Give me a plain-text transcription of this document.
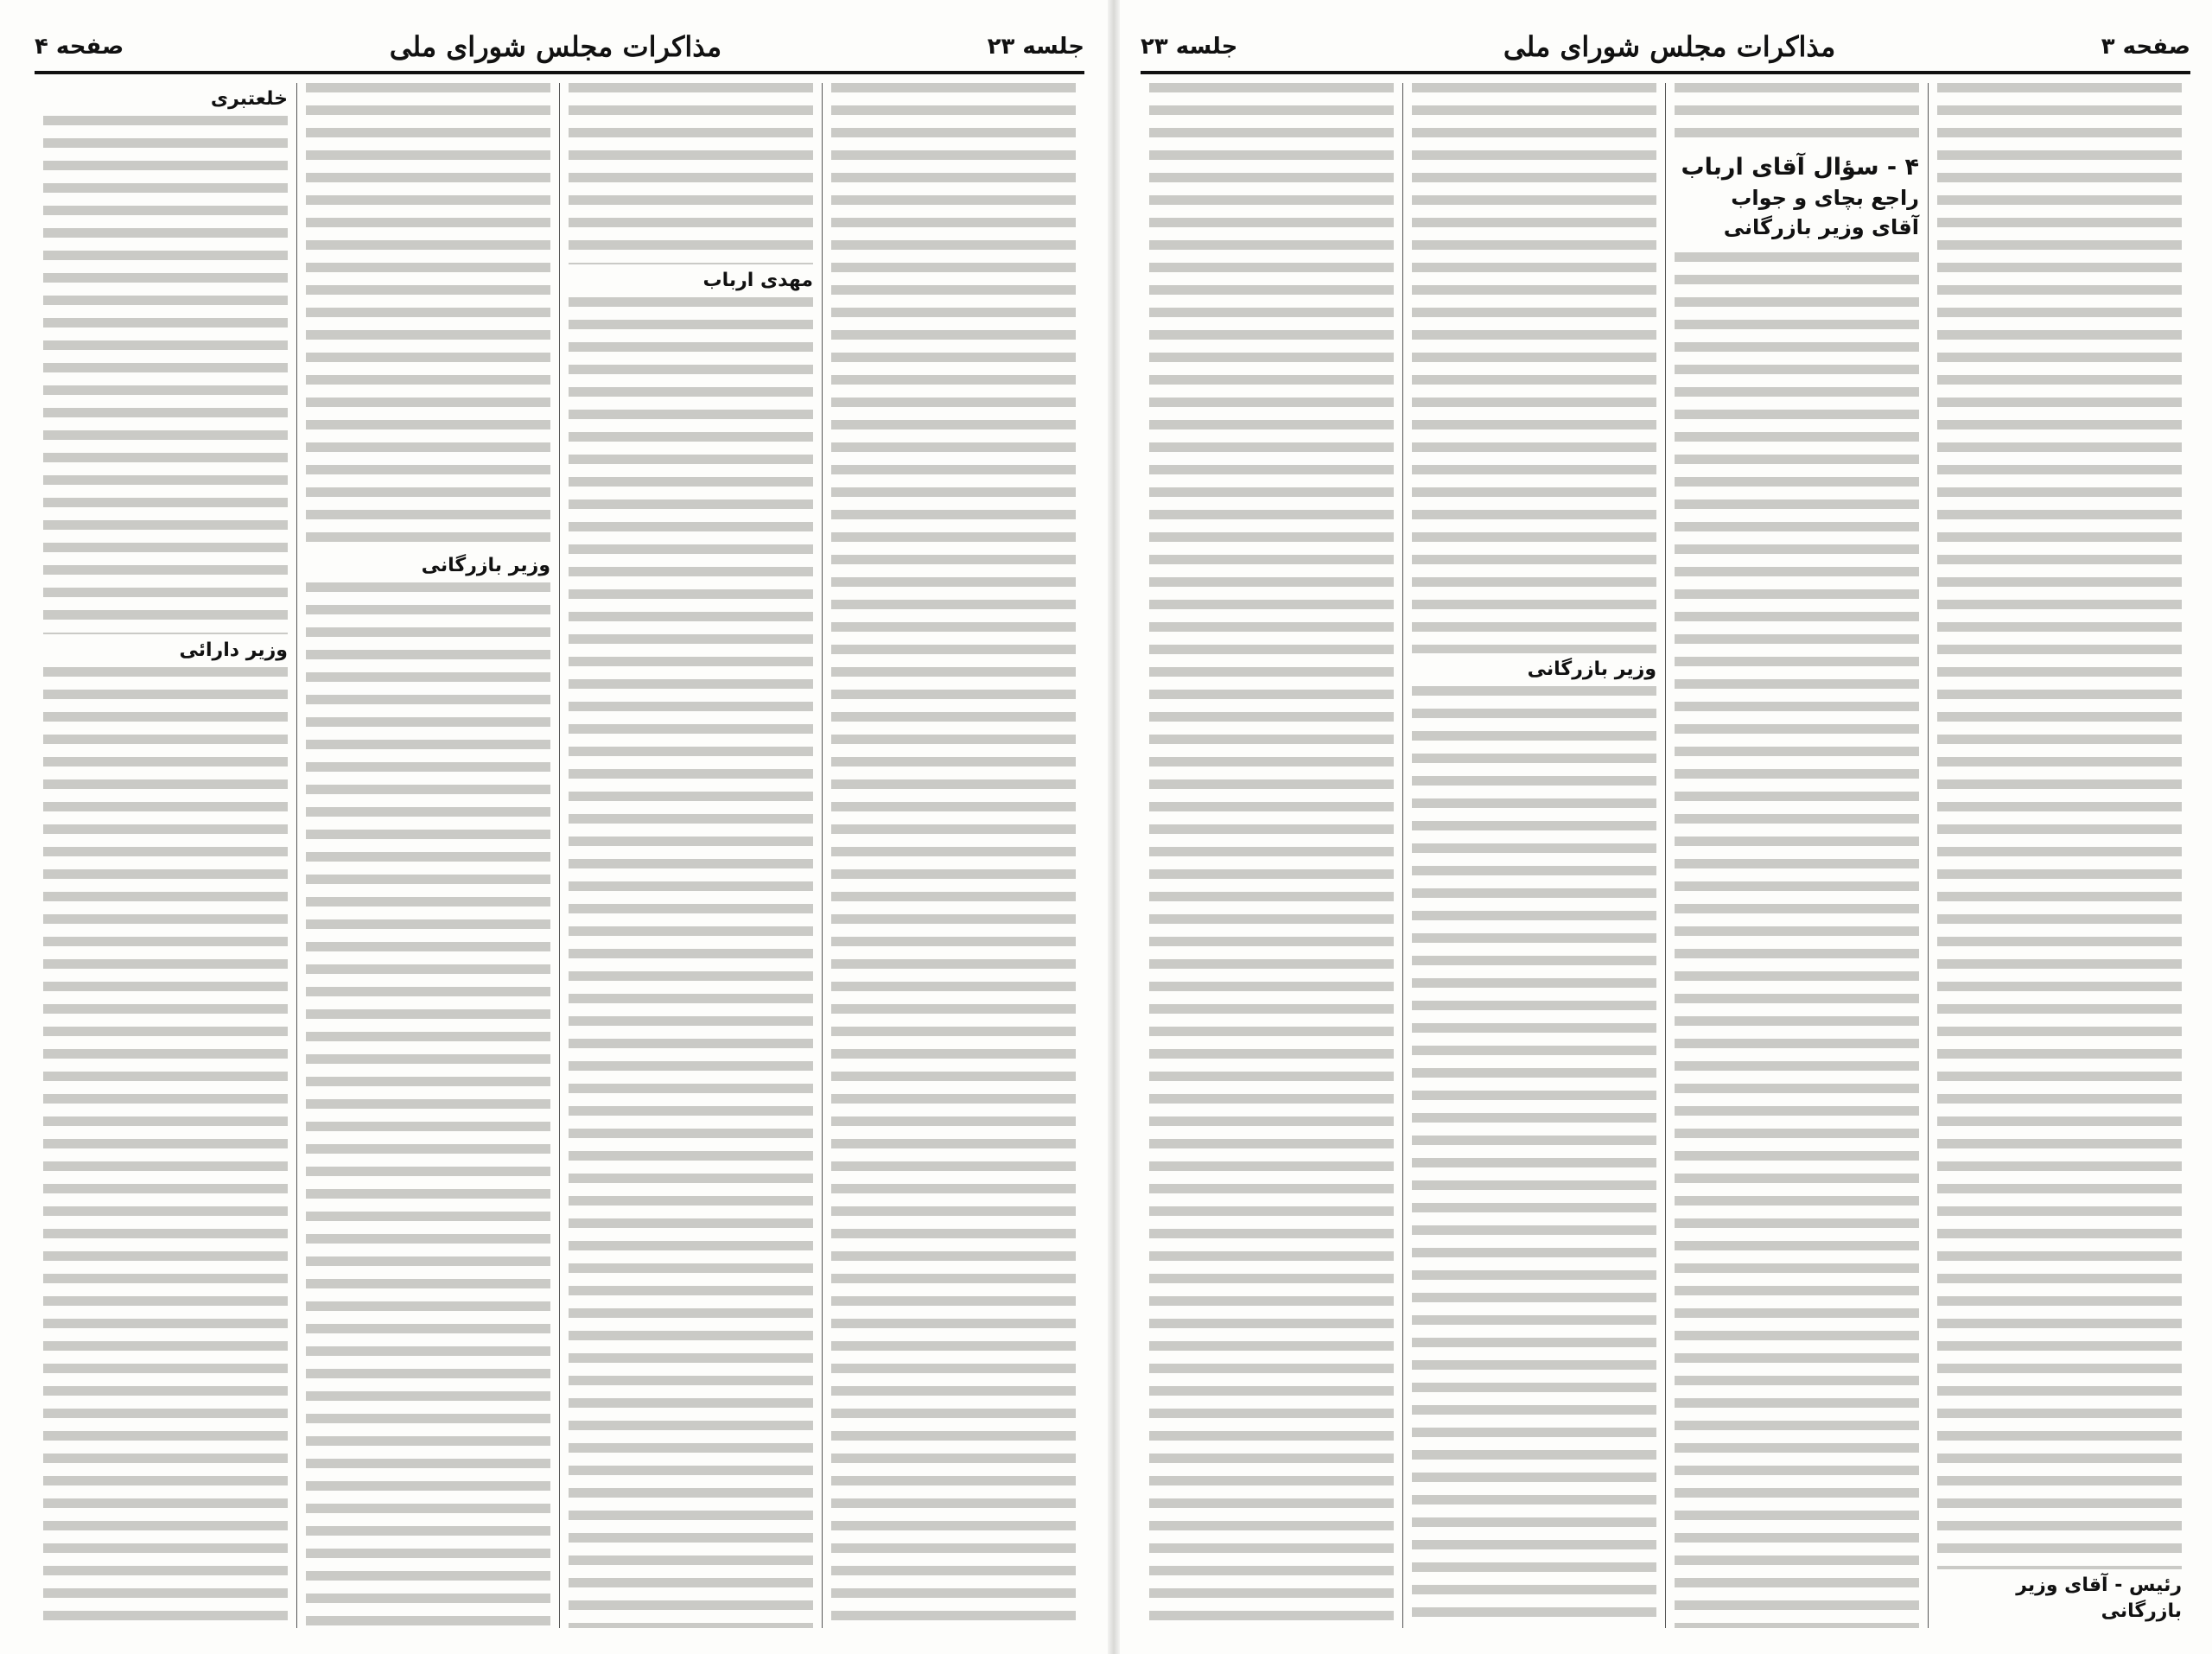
جلسه ۲۳
مذاکرات مجلس شورای ملی
صفحه ۴
مهدی ارباب
وزیر بازرگانی
خلعتبری
وزیر دارائی
صفحه ۳
مذاکرات مجلس شورای ملی
جلسه ۲۳
رئیس - آقای وزیر بازرگانی
۴ - سؤال آقای ارباب
راجع بچای و جواب
آقای وزیر بازرگانی
وزیر بازرگانی
